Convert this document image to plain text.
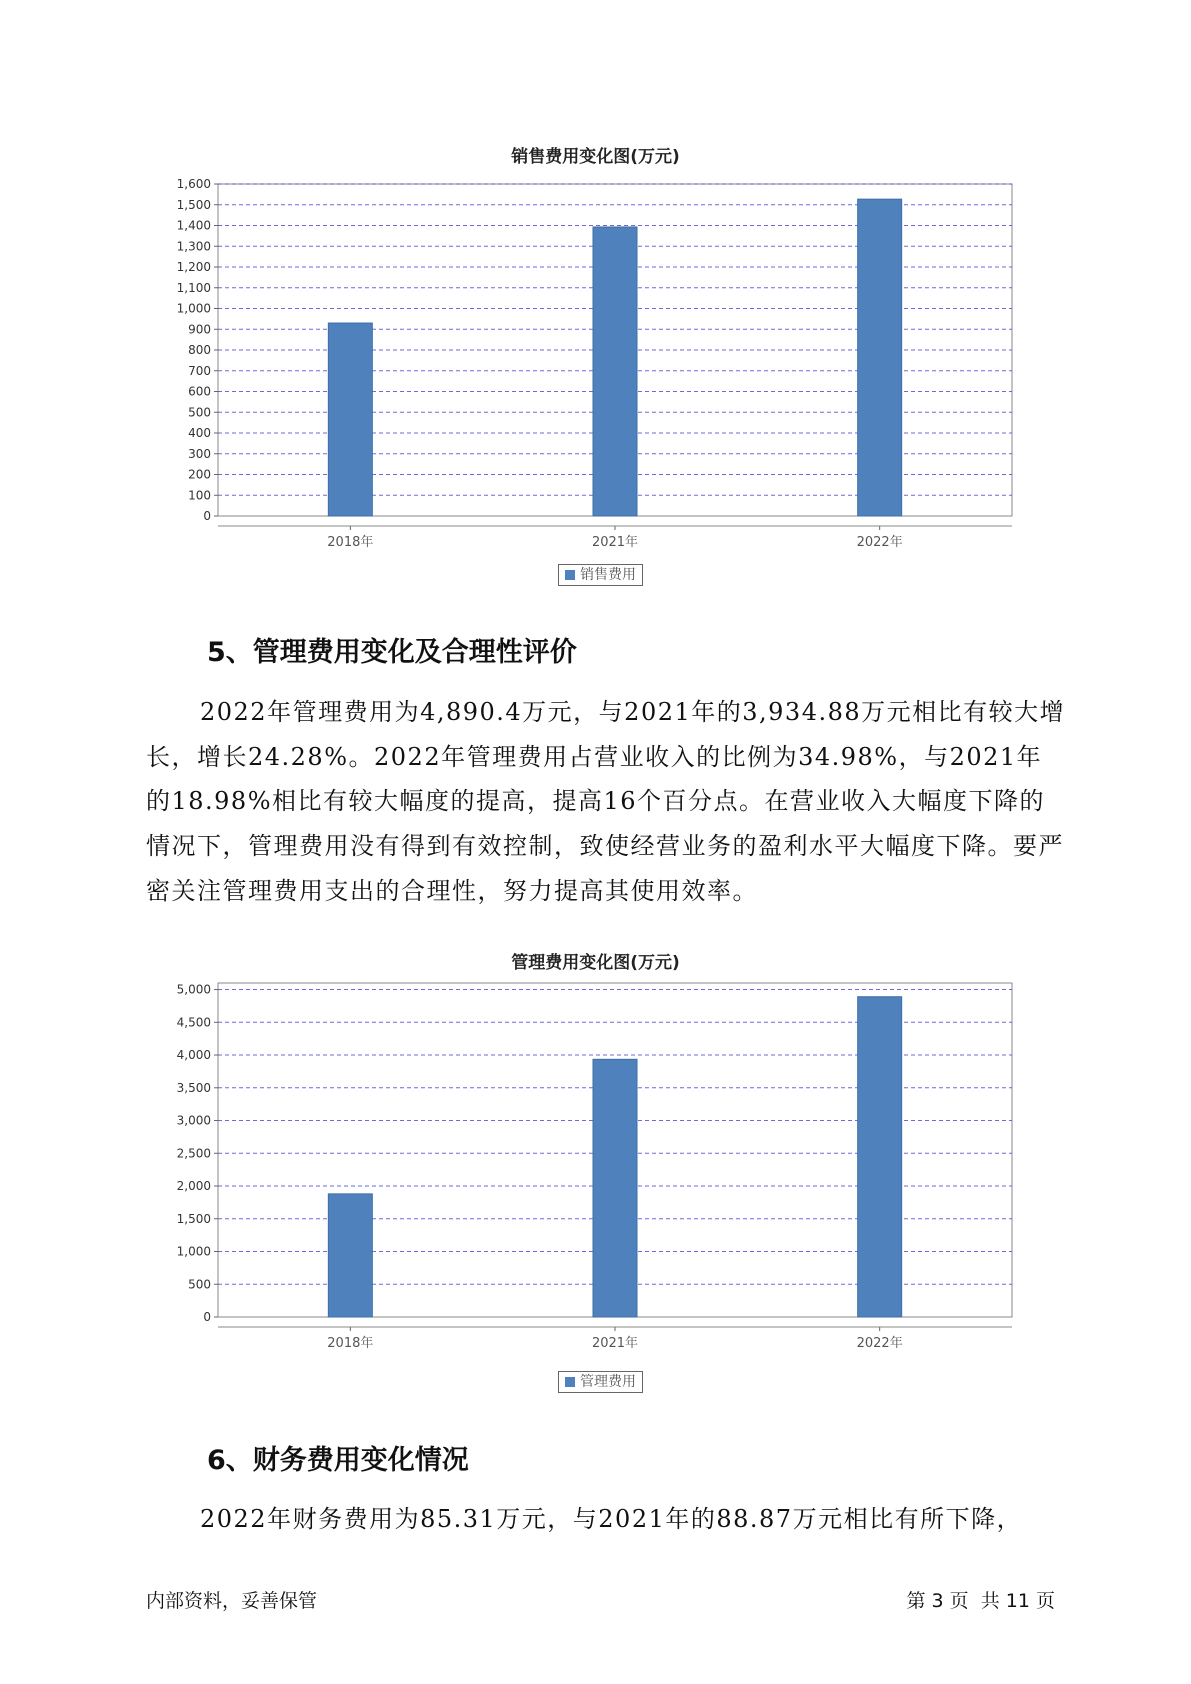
销售费用变化图(万元)
0
100
200
300
400
500
600
700
800
900
1,000
1,100
1,200
1,300
1,400
1,500
1,600
2018年	2021年	2022年
销售费用
5、管理费用变化及合理性评价

2022年管理费用为4,890.4万元，与2021年的3,934.88万元相比有较大增长，增长24.28%。2022年管理费用占营业收入的比例为34.98%，与2021年的18.98%相比有较大幅度的提高，提高16个百分点。在营业收入大幅度下降的情况下，管理费用没有得到有效控制，致使经营业务的盈利水平大幅度下降。要严密关注管理费用支出的合理性，努力提高其使用效率。

管理费用变化图(万元)
0
500
1,000
1,500
2,000
2,500
3,000
3,500
4,000
4,500
5,000
2018年	2021年	2022年
管理费用
6、财务费用变化情况

2022年财务费用为85.31万元，与2021年的88.87万元相比有所下降，

内部资料，妥善保管	第 3 页  共 11 页
